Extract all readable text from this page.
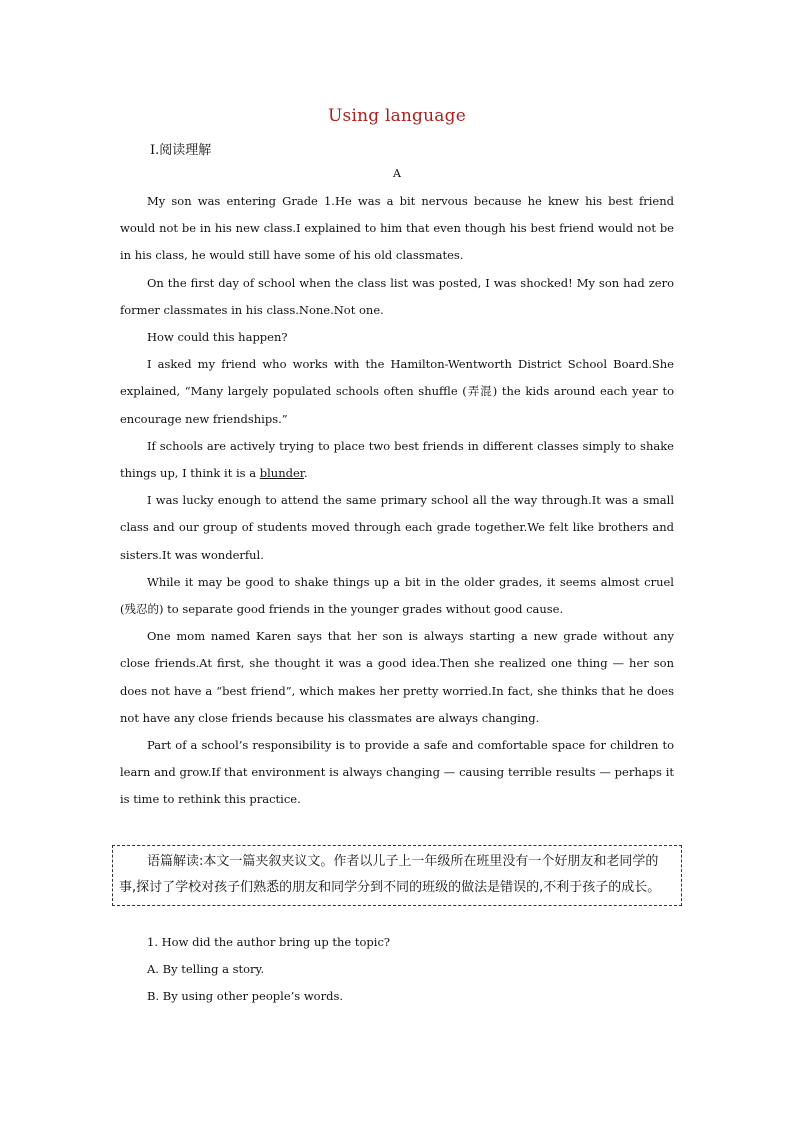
Using language
Ⅰ.阅读理解
A

My son was entering Grade 1.He was a bit nervous because he knew his best friend would not be in his new class.I explained to him that even though his best friend would not be in his class, he would still have some of his old classmates.

On the first day of school when the class list was posted, I was shocked! My son had zero former classmates in his class.None.Not one.

How could this happen?

I asked my friend who works with the Hamilton-Wentworth District School Board.She explained, “Many largely populated schools often shuffle (弄混) the kids around each year to encourage new friendships.”

If schools are actively trying to place two best friends in different classes simply to shake things up, I think it is a blunder.

I was lucky enough to attend the same primary school all the way through.It was a small class and our group of students moved through each grade together.We felt like brothers and sisters.It was wonderful.

While it may be good to shake things up a bit in the older grades, it seems almost cruel (残忍的) to separate good friends in the younger grades without good cause.

One mom named Karen says that her son is always starting a new grade without any close friends.At first, she thought it was a good idea.Then she realized one thing — her son does not have a “best friend”, which makes her pretty worried.In fact, she thinks that he does not have any close friends because his classmates are always changing.

Part of a school’s responsibility is to provide a safe and comfortable space for children to learn and grow.If that environment is always changing — causing terrible results — perhaps it is time to rethink this practice.

语篇解读:本文一篇夹叙夹议文。作者以儿子上一年级所在班里没有一个好朋友和老同学的事,探讨了学校对孩子们熟悉的朋友和同学分到不同的班级的做法是错误的,不利于孩子的成长。
1. How did the author bring up the topic?
A. By telling a story.
B. By using other people’s words.
